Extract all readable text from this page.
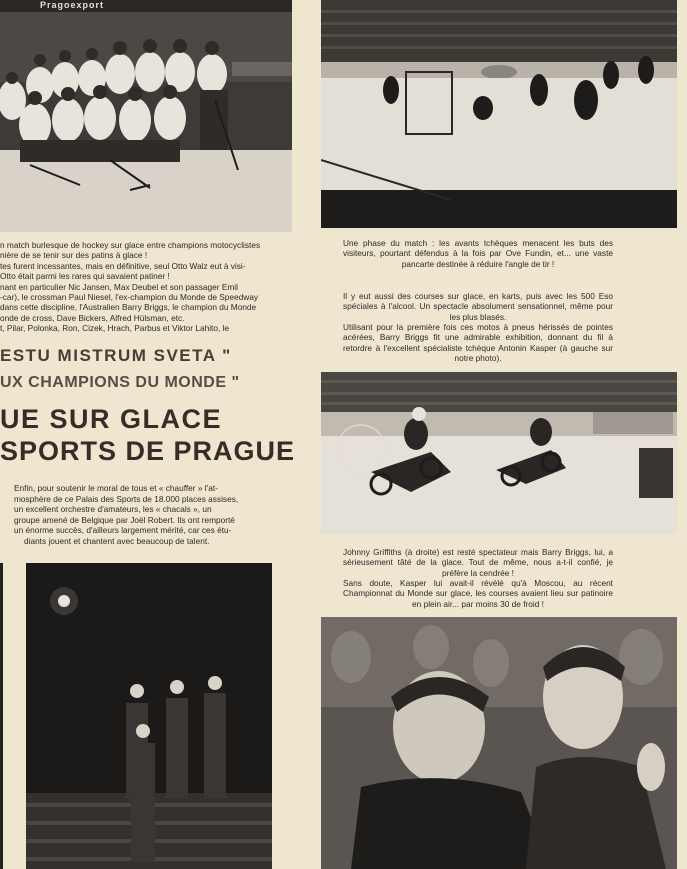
Pragoexport

n match burlesque de hockey sur glace entre champions motocyclistes
nière de se tenir sur des patins à glace !
tes furent incessantes, mais en définitive, seul Otto Walz eut à visi-
Otto était parmi les rares qui savaient patiner !
nant en particulier Nic Jansen, Max Deubel et son passager Emil
-car), le crossman Paul Niesel, l'ex-champion du Monde de Speedway
dans cette discipline, l'Australien Barry Briggs, le champion du Monde
onde de cross, Dave Bickers, Alfred Hülsman, etc.
t, Pilar, Polonka, Ron, Cizek, Hrach, Parbus et Viktor Lahito, le

ESTU MISTRUM SVETA "
UX CHAMPIONS DU MONDE "
UE SUR GLACE
SPORTS DE PRAGUE

Enfin, pour soutenir le moral de tous et « chauffer » l'at-
mosphère de ce Palais des Sports de 18.000 places assises,
un excellent orchestre d'amateurs, les « chacals », un
groupe amené de Belgique par Joël Robert. Ils ont remporté
un énorme succès, d'ailleurs largement mérité, car ces étu-
diants jouent et chantent avec beaucoup de talent.

Une phase du match : les avants tchèques menacent les buts des visiteurs, pourtant défendus à la fois par Ove Fundin, et... une vaste pancarte destinée à réduire l'angle de tir !

Il y eut aussi des courses sur glace, en karts, puis avec les 500 Eso spéciales à l'alcool. Un spectacle absolument sensationnel, même pour les plus blasés.

Utilisant pour la première fois ces motos à pneus hérissés de pointes acérées, Barry Briggs fit une admirable exhibition, donnant du fil à retordre à l'excellent spécialiste tchèque Antonin Kasper (à gauche sur notre photo).

LOGO

Johnny Griffiths (à droite) est resté spectateur mais Barry Briggs, lui, a sérieusement tâté de la glace. Tout de même, nous a-t-il confié, je préfère la cendrée !

Sans doute, Kasper lui avait-il révélé qu'à Moscou, au récent Championnat du Monde sur glace, les courses avaient lieu sur patinoire en plein air... par moins 30 de froid !
